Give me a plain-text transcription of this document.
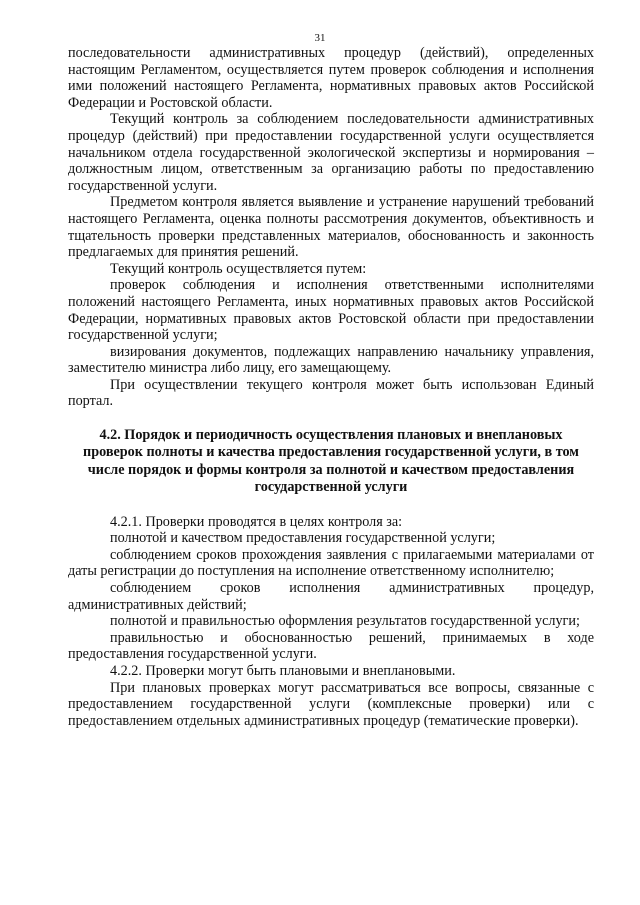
31

последовательности административных процедур (действий), определенных настоящим Регламентом, осуществляется путем проверок соблюдения и исполнения ими положений настоящего Регламента, нормативных правовых актов Российской Федерации и Ростовской области.

Текущий контроль за соблюдением последовательности административных процедур (действий) при предоставлении государственной услуги осуществляется начальником отдела государственной экологической экспертизы и нормирования – должностным лицом, ответственным за организацию работы по предоставлению государственной услуги.

Предметом контроля является выявление и устранение нарушений требований настоящего Регламента, оценка полноты рассмотрения документов, объективность и тщательность проверки представленных материалов, обоснованность и законность предлагаемых для принятия решений.

Текущий контроль осуществляется путем:

проверок соблюдения и исполнения ответственными исполнителями положений настоящего Регламента, иных нормативных правовых актов Российской Федерации, нормативных правовых актов Ростовской области при предоставлении государственной услуги;

визирования документов, подлежащих направлению начальнику управления, заместителю министра либо лицу, его замещающему.

При осуществлении текущего контроля может быть использован Единый портал.

4.2. Порядок и периодичность осуществления плановых и внеплановых проверок полноты и качества предоставления государственной услуги, в том числе порядок и формы контроля за полнотой и качеством предоставления государственной услуги

4.2.1. Проверки проводятся в целях контроля за:

полнотой и качеством предоставления государственной услуги;

соблюдением сроков прохождения заявления с прилагаемыми материалами от даты регистрации до поступления на исполнение ответственному исполнителю;

соблюдением сроков исполнения административных процедур, административных действий;

полнотой и правильностью оформления результатов государственной услуги;

правильностью и обоснованностью решений, принимаемых в ходе предоставления государственной услуги.

4.2.2. Проверки могут быть плановыми и внеплановыми.

При плановых проверках могут рассматриваться все вопросы, связанные с предоставлением государственной услуги (комплексные проверки) или с предоставлением отдельных административных процедур (тематические проверки).
